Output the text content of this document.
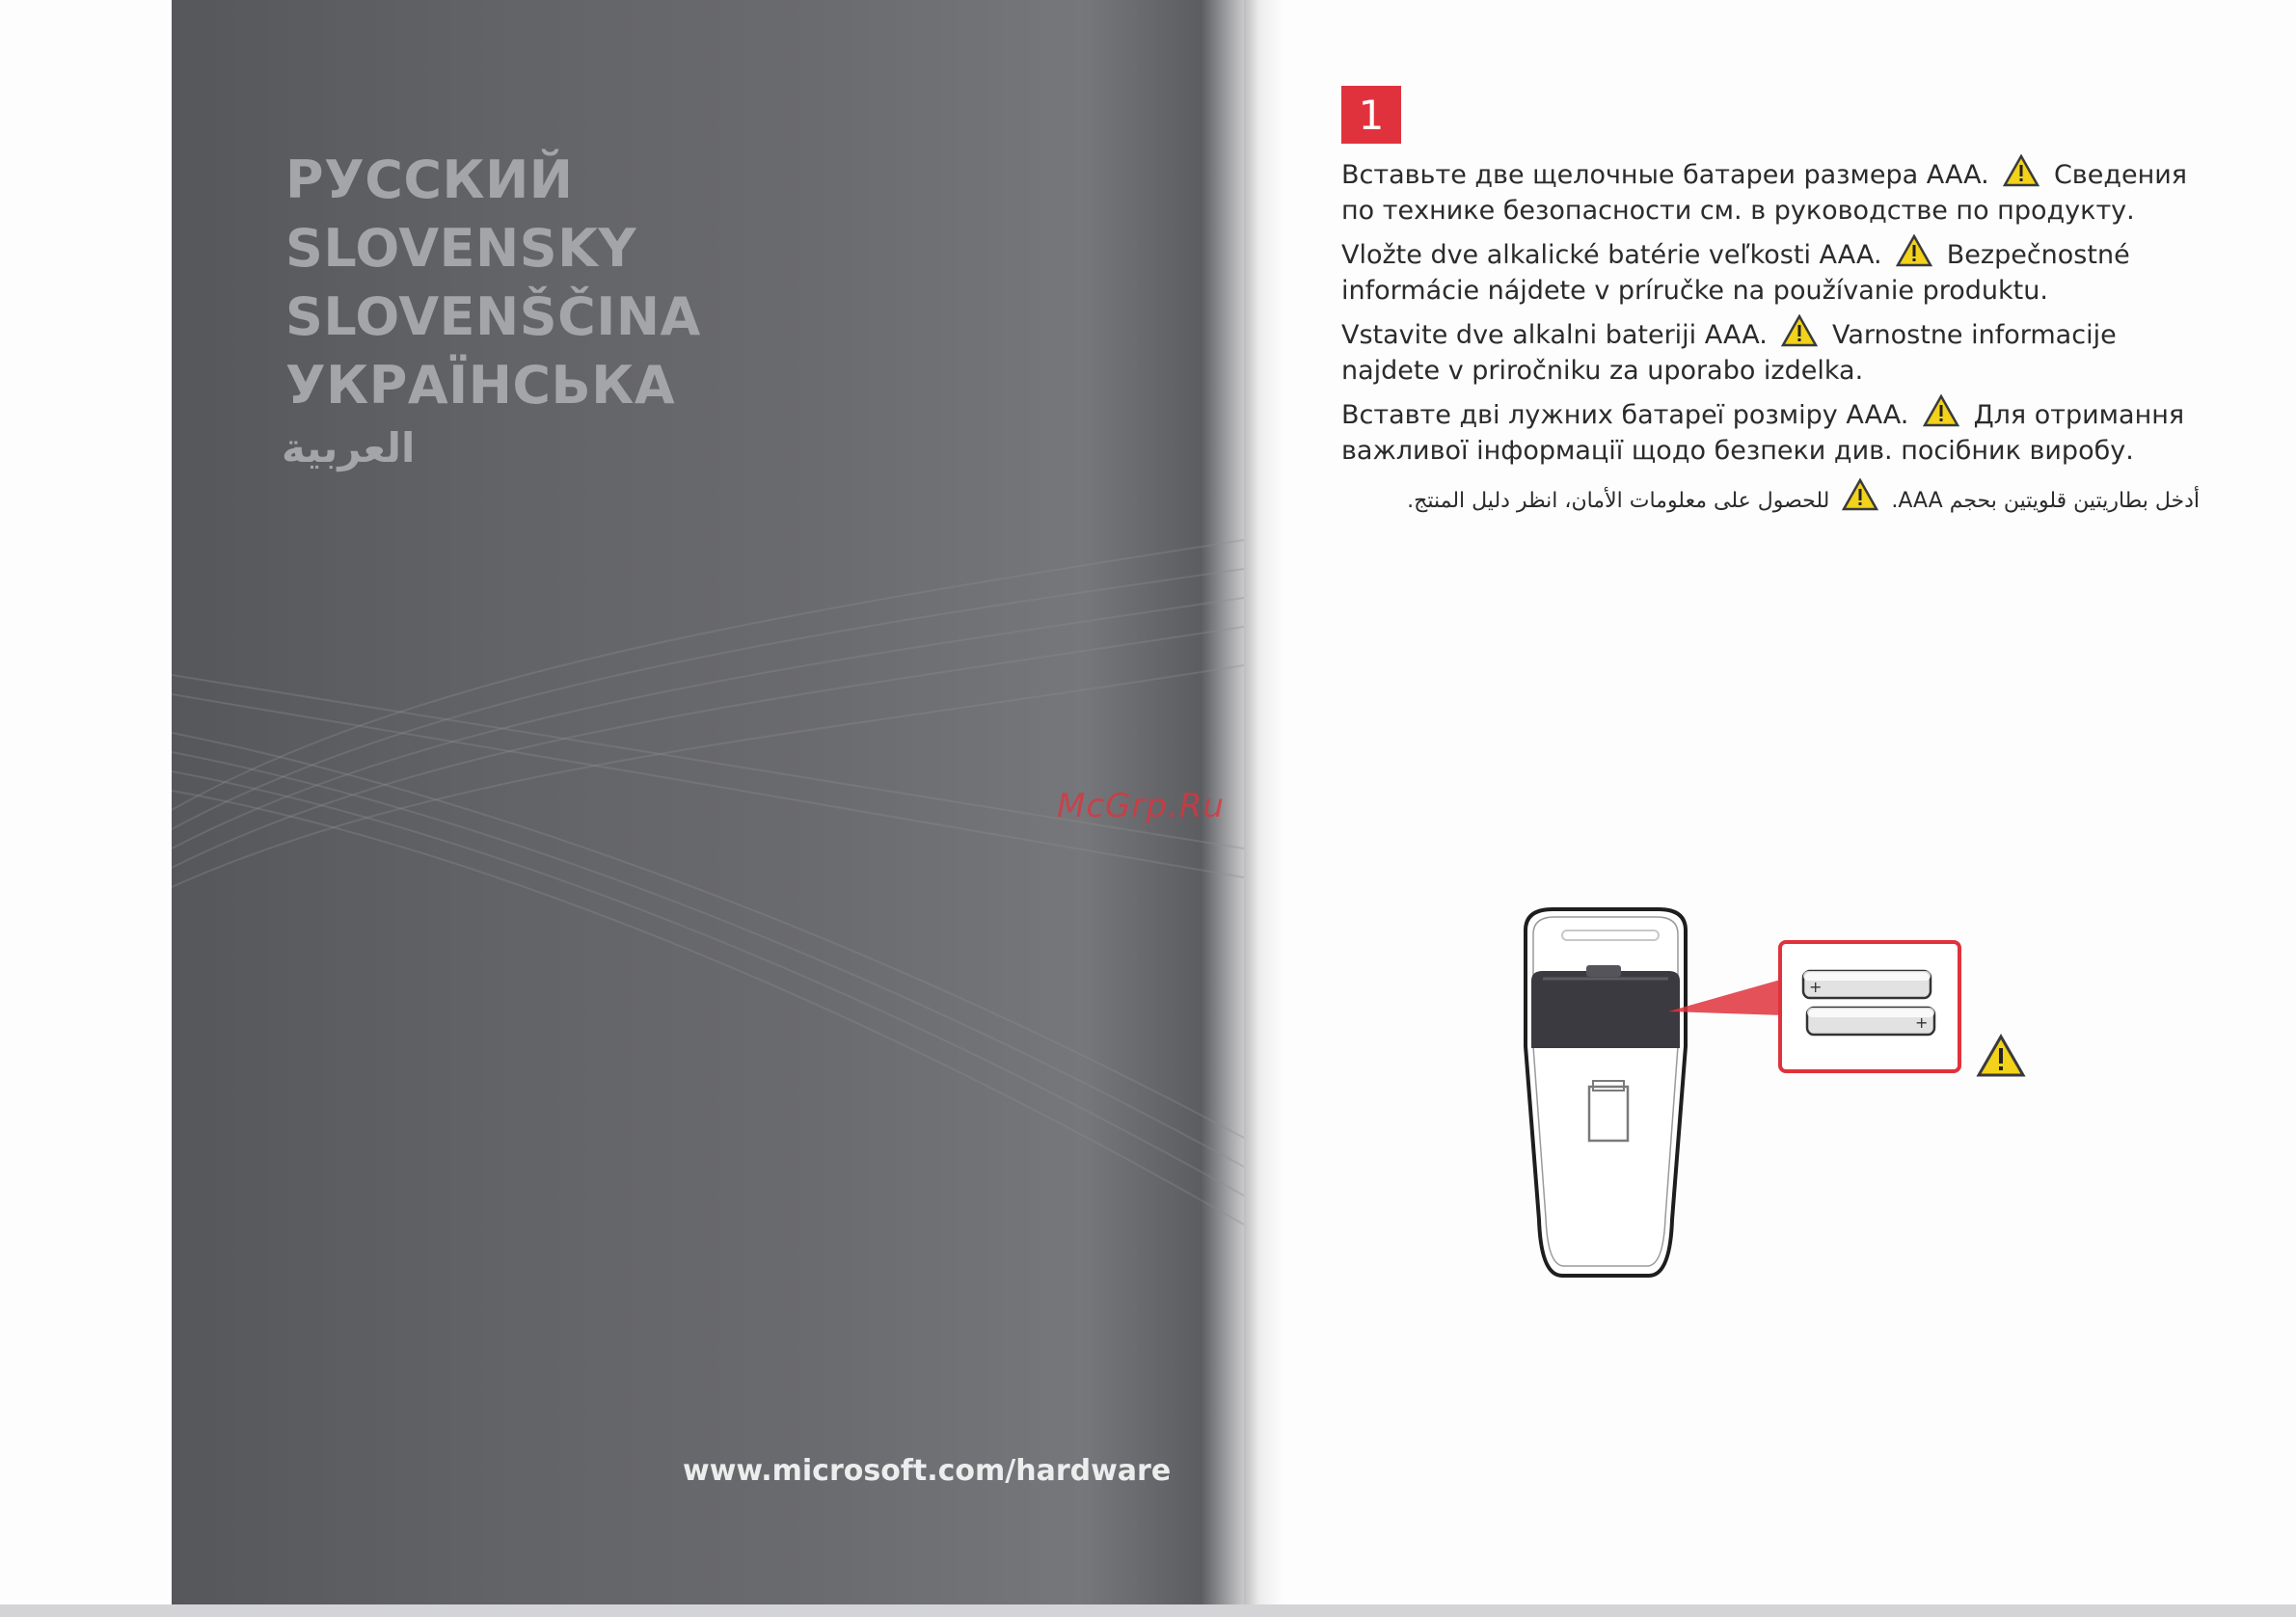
РУССКИЙ
SLOVENSKY
SLOVENŠČINA
УКРАЇНСЬКА
العربية
www.microsoft.com/hardware
1
Вставьте две щелочные батареи размера AAA. Сведения по технике безопасности см. в руководстве по продукту.
Vložte dve alkalické batérie veľkosti AAA. Bezpečnostné informácie nájdete v príručke na používanie produktu.
Vstavite dve alkalni bateriji AAA. Varnostne informacije najdete v priročniku za uporabo izdelka.
Вставте дві лужних батареї розміру AAA. Для отримання важливої інформації щодо безпеки див. посібник виробу.
أدخل بطاريتين قلويتين بحجم AAA.  للحصول على معلومات الأمان، انظر دليل المنتج.
McGrp.Ru
+
+
